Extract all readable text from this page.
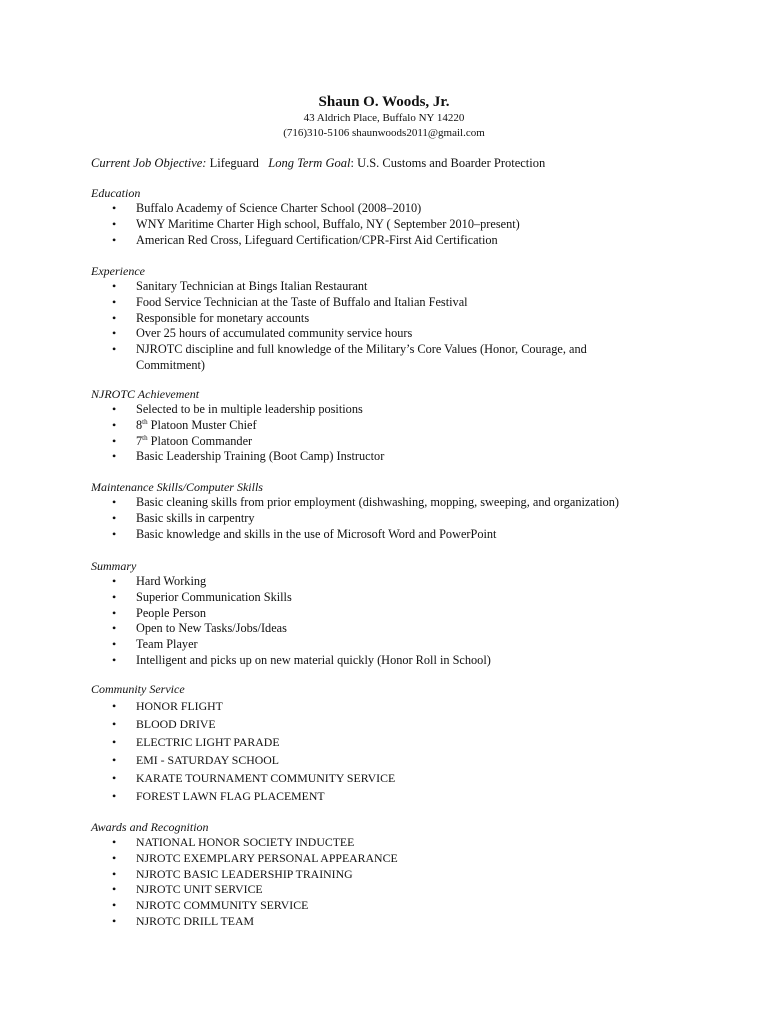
Shaun O. Woods, Jr.

43 Aldrich Place, Buffalo NY 14220

(716)310-5106 shaunwoods2011@gmail.com

Current Job Objective: Lifeguard Long Term Goal: U.S. Customs and Boarder Protection

Education

• Buffalo Academy of Science Charter School (2008–2010)
• WNY Maritime Charter High school, Buffalo, NY ( September 2010–present)
• American Red Cross, Lifeguard Certification/CPR-First Aid Certification

Experience

• Sanitary Technician at Bings Italian Restaurant
• Food Service Technician at the Taste of Buffalo and Italian Festival
• Responsible for monetary accounts
• Over 25 hours of accumulated community service hours
• NJROTC discipline and full knowledge of the Military’s Core Values (Honor, Courage, and Commitment)

NJROTC Achievement

• Selected to be in multiple leadership positions
• 8th Platoon Muster Chief
• 7th Platoon Commander
• Basic Leadership Training (Boot Camp) Instructor

Maintenance Skills/Computer Skills

• Basic cleaning skills from prior employment (dishwashing, mopping, sweeping, and organization)
• Basic skills in carpentry
• Basic knowledge and skills in the use of Microsoft Word and PowerPoint

Summary

• Hard Working
• Superior Communication Skills
• People Person
• Open to New Tasks/Jobs/Ideas
• Team Player
• Intelligent and picks up on new material quickly (Honor Roll in School)

Community Service

• HONOR FLIGHT
• BLOOD DRIVE
• ELECTRIC LIGHT PARADE
• EMI - SATURDAY SCHOOL
• KARATE TOURNAMENT COMMUNITY SERVICE
• FOREST LAWN FLAG PLACEMENT

Awards and Recognition

• NATIONAL HONOR SOCIETY INDUCTEE
• NJROTC EXEMPLARY PERSONAL APPEARANCE
• NJROTC BASIC LEADERSHIP TRAINING
• NJROTC UNIT SERVICE
• NJROTC COMMUNITY SERVICE
• NJROTC DRILL TEAM
